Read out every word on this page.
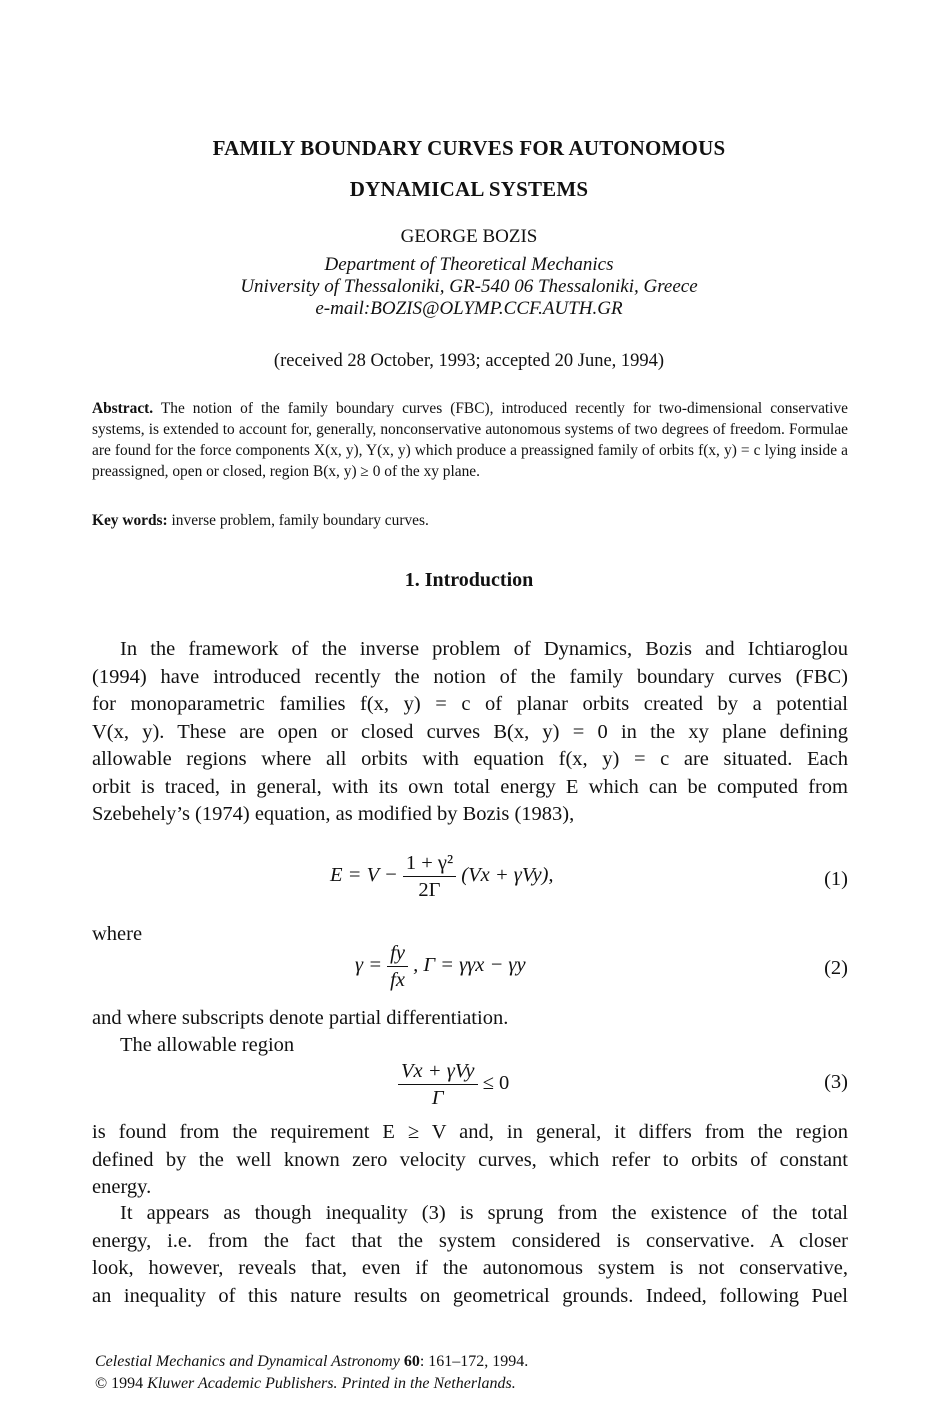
FAMILY BOUNDARY CURVES FOR AUTONOMOUS
DYNAMICAL SYSTEMS
GEORGE BOZIS
Department of Theoretical Mechanics
University of Thessaloniki, GR-540 06 Thessaloniki, Greece
e-mail:BOZIS@OLYMP.CCF.AUTH.GR
(received 28 October, 1993; accepted 20 June, 1994)
Abstract. The notion of the family boundary curves (FBC), introduced recently for two-dimensional conservative systems, is extended to account for, generally, nonconservative autonomous systems of two degrees of freedom. Formulae are found for the force components X(x, y), Y(x, y) which produce a preassigned family of orbits f(x, y) = c lying inside a preassigned, open or closed, region B(x, y) ≥ 0 of the xy plane.
Key words: inverse problem, family boundary curves.
1. Introduction
In the framework of the inverse problem of Dynamics, Bozis and Ichtiaroglou
(1994) have introduced recently the notion of the family boundary curves (FBC)
for monoparametric families f(x, y) = c of planar orbits created by a potential
V(x, y). These are open or closed curves B(x, y) = 0 in the xy plane defining
allowable regions where all orbits with equation f(x, y) = c are situated. Each
orbit is traced, in general, with its own total energy E which can be computed from
Szebehely’s (1974) equation, as modified by Bozis (1983),
$E = V - \frac{\text{1 + γ²}}{2\Gamma} (Vx + \gamma Vy)$,	(1)
where
$\gamma = \frac{fy}{fx}$ , Γ = γγx − γy	(2)
and where subscripts denote partial differentiation.
The allowable region
$\frac{\text{Vx + γVy}}{\Gamma} \le 0$	(3)
is found from the requirement E ≥ V and, in general, it differs from the region
defined by the well known zero velocity curves, which refer to orbits of constant
energy.
It appears as though inequality (3) is sprung from the existence of the total
energy, i.e. from the fact that the system considered is conservative. A closer
look, however, reveals that, even if the autonomous system is not conservative,
an inequality of this nature results on geometrical grounds. Indeed, following Puel
Celestial Mechanics and Dynamical Astronomy 60: 161–172, 1994.
© 1994 Kluwer Academic Publishers. Printed in the Netherlands.
